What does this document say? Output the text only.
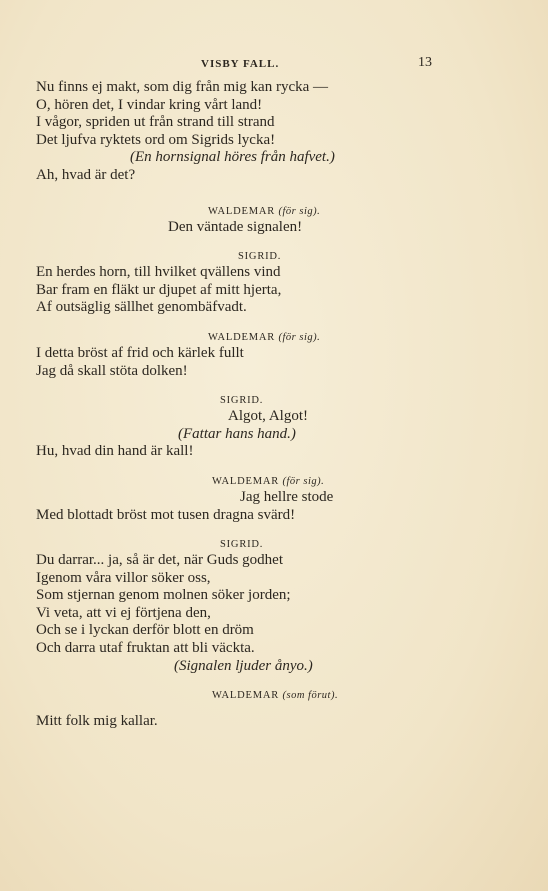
VISBY FALL.	13
Nu finns ej makt, som dig från mig kan rycka —
O, hören det, I vindar kring vårt land!
I vågor, spriden ut från strand till strand
Det ljufva ryktets ord om Sigrids lycka!
(En hornsignal höres från hafvet.)
Ah, hvad är det?
WALDEMAR (för sig).
Den väntade signalen!
SIGRID.
En herdes horn, till hvilket qvällens vind
Bar fram en fläkt ur djupet af mitt hjerta,
Af outsäglig sällhet genombäfvadt.
WALDEMAR (för sig).
I detta bröst af frid och kärlek fullt
Jag då skall stöta dolken!
SIGRID.
Algot, Algot!
(Fattar hans hand.)
Hu, hvad din hand är kall!
WALDEMAR (för sig).
Jag hellre stode
Med blottadt bröst mot tusen dragna svärd!
SIGRID.
Du darrar... ja, så är det, när Guds godhet
Igenom våra villor söker oss,
Som stjernan genom molnen söker jorden;
Vi veta, att vi ej förtjena den,
Och se i lyckan derför blott en dröm
Och darra utaf fruktan att bli väckta.
(Signalen ljuder ånyo.)
WALDEMAR (som förut).
Mitt folk mig kallar.
